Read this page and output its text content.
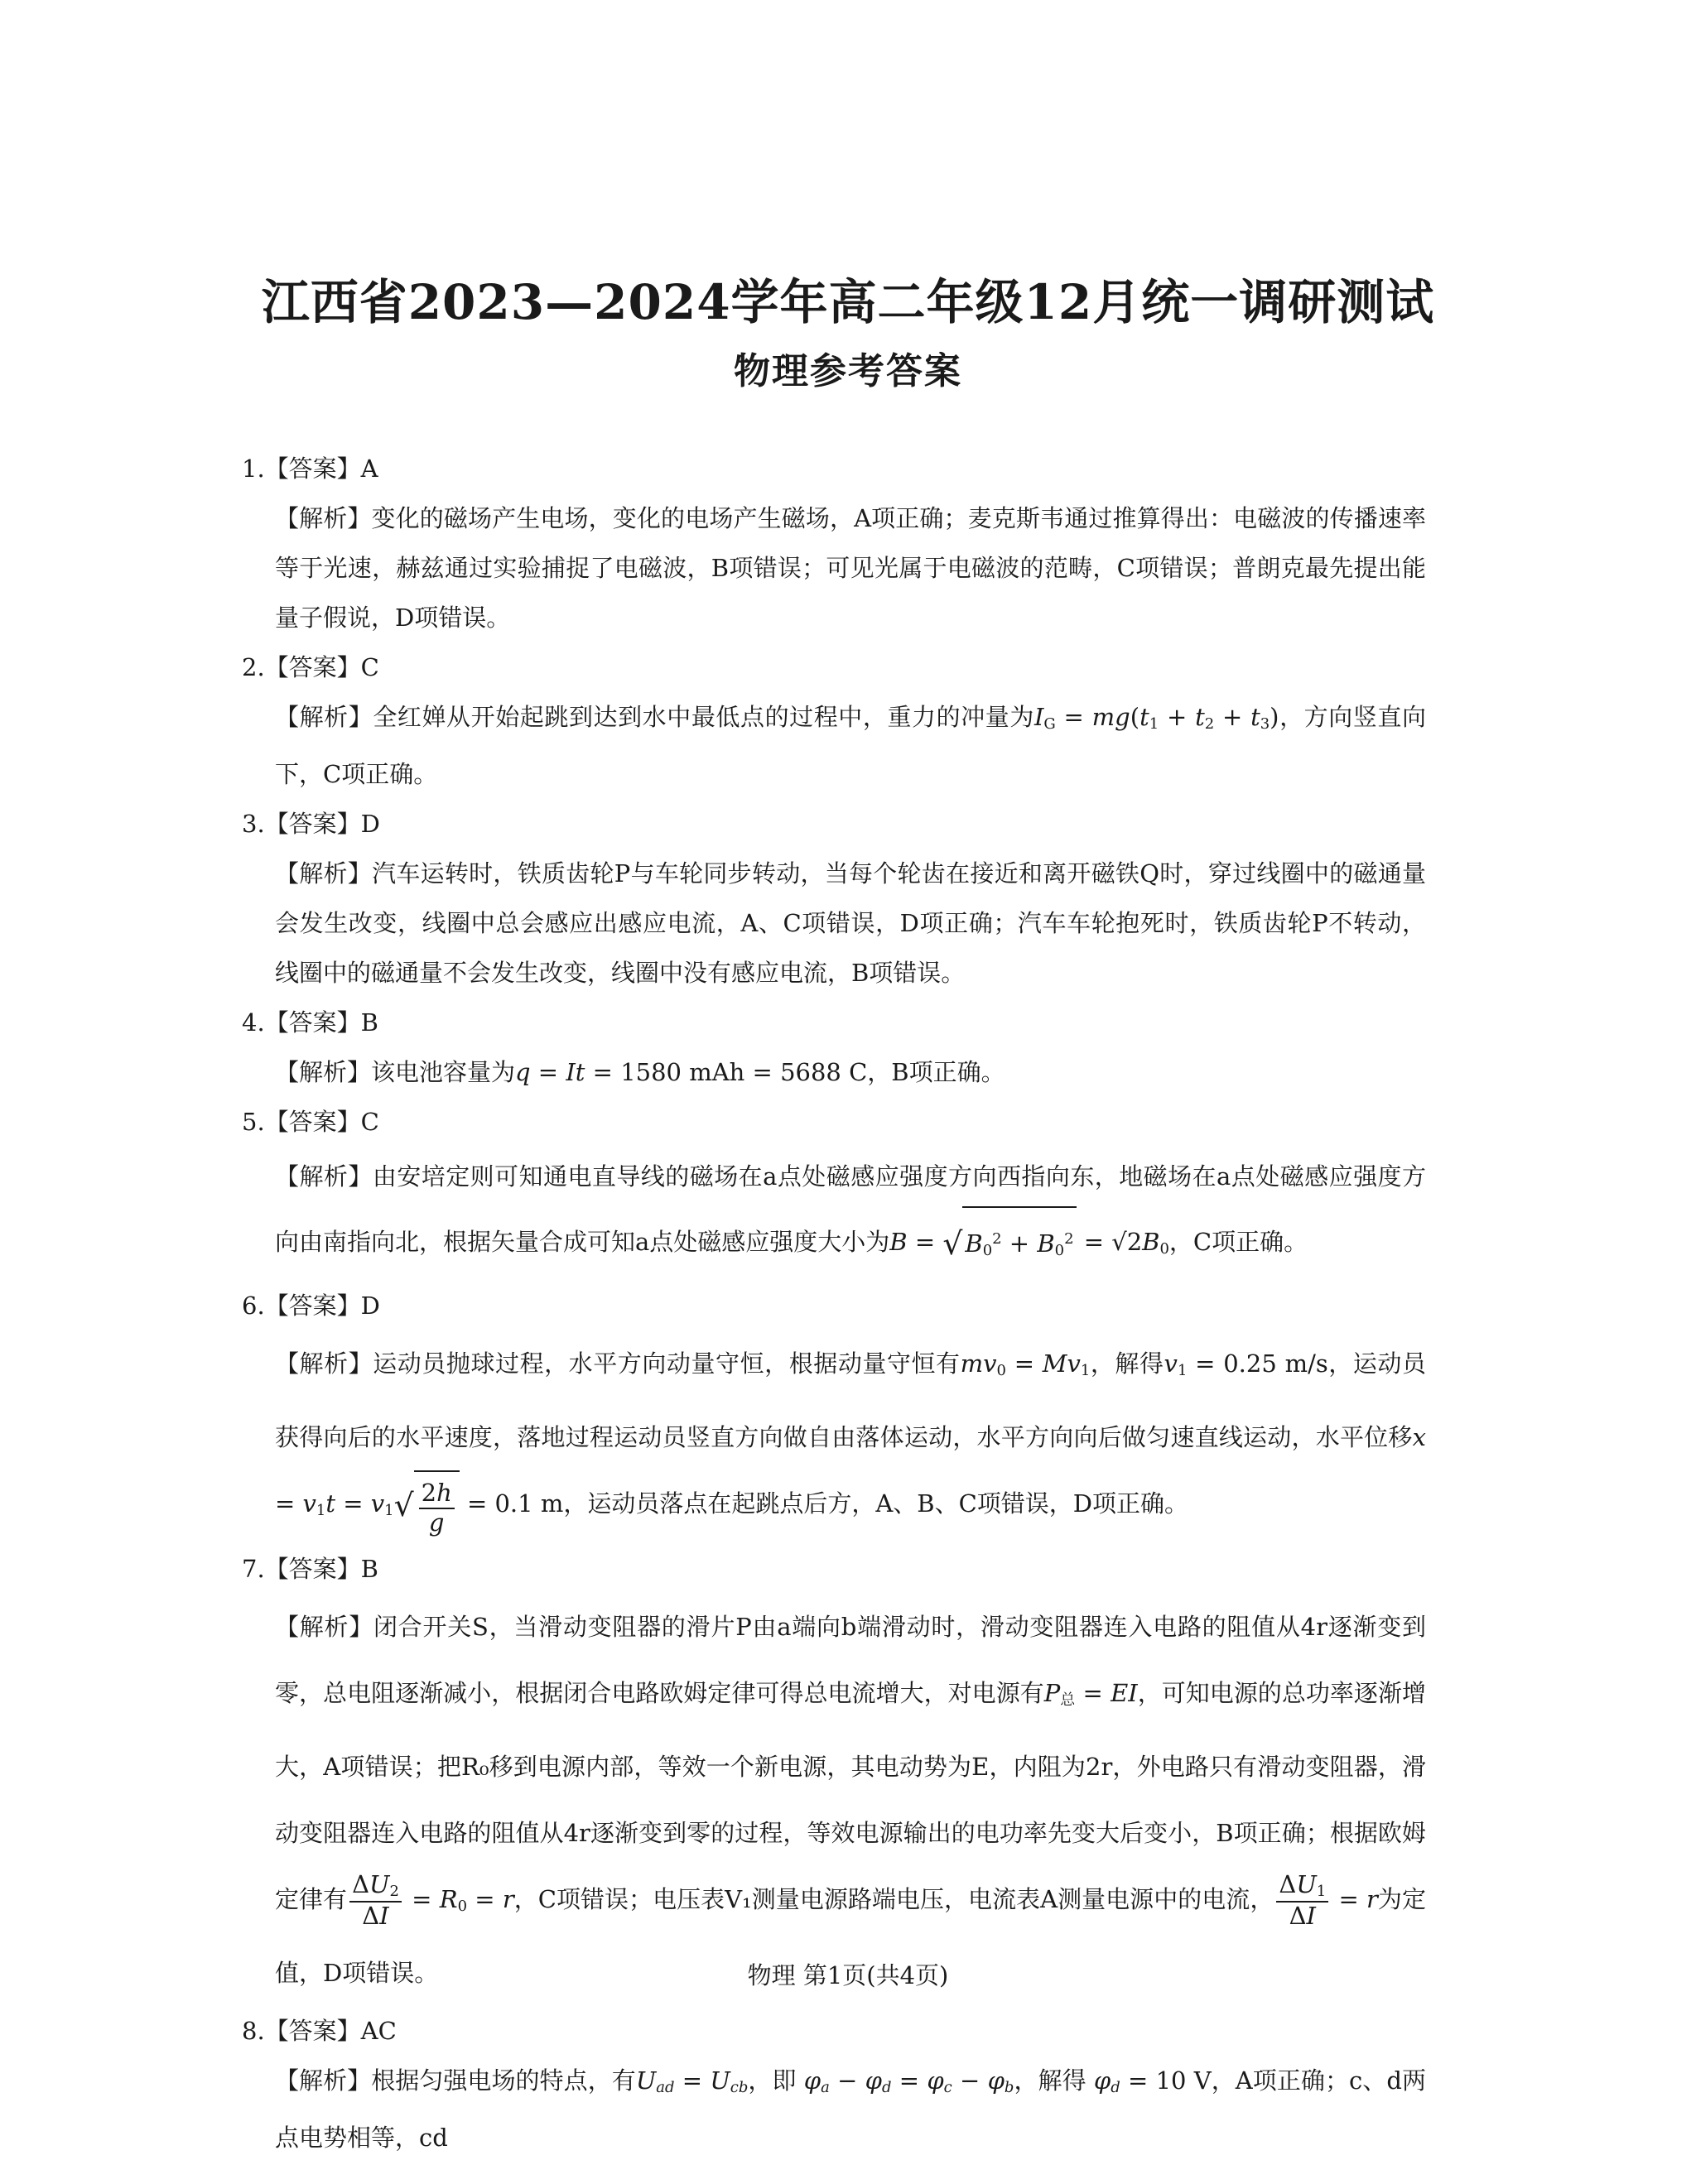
江西省2023—2024学年高二年级12月统一调研测试
物理参考答案
1.【答案】A
【解析】变化的磁场产生电场，变化的电场产生磁场，A项正确；麦克斯韦通过推算得出：电磁波的传播速率等于光速，赫兹通过实验捕捉了电磁波，B项错误；可见光属于电磁波的范畴，C项错误；普朗克最先提出能量子假说，D项错误。
2.【答案】C
【解析】全红婵从开始起跳到达到水中最低点的过程中，重力的冲量为$I_G = mg(t_1 + t_2 + t_3)$，方向竖直向下，C项正确。
3.【答案】D
【解析】汽车运转时，铁质齿轮P与车轮同步转动，当每个轮齿在接近和离开磁铁Q时，穿过线圈中的磁通量会发生改变，线圈中总会感应出感应电流，A、C项错误，D项正确；汽车车轮抱死时，铁质齿轮P不转动，线圈中的磁通量不会发生改变，线圈中没有感应电流，B项错误。
4.【答案】B
【解析】该电池容量为q = It = 1580 mAh = 5688 C，B项正确。
5.【答案】C
【解析】由安培定则可知通电直导线的磁场在a点处磁感应强度方向西指向东，地磁场在a点处磁感应强度方向由南指向北，根据矢量合成可知a点处磁感应强度大小为B = √ $B_0^2 + B_0^2 = √2B_0$，C项正确。
6.【答案】D
【解析】运动员抛球过程，水平方向动量守恒，根据动量守恒有$mv_0 = Mv_1$，解得$v_1 = 0.25$ m/s，运动员获得向后的水平速度，落地过程运动员竖直方向做自由落体运动，水平方向向后做匀速直线运动，水平位移$x = v_1t = v_1√ \frac{2h}{g} = 0.1$ m，运动员落点在起跳点后方，A、B、C项错误，D项正确。
7.【答案】B
【解析】闭合开关S，当滑动变阻器的滑片P由a端向b端滑动时，滑动变阻器连入电路的阻值从4r逐渐变到零，总电阻逐渐减小，根据闭合电路欧姆定律可得总电流增大，对电源有$P_总$ = EI，可知电源的总功率逐渐增大，A项错误；把R₀移到电源内部，等效一个新电源，其电动势为E，内阻为2r，外电路只有滑动变阻器，滑动变阻器连入电路的阻值从4r逐渐变到零的过程，等效电源输出的电功率先变大后变小，B项正确；根据欧姆定律有 $\frac{\Delta U_2}{\Delta I} = R_0 = r$，C项错误；电压表V₁测量电源路端电压，电流表A测量电源中的电流， $\frac{\Delta U_1}{\Delta I} = r$为定值，D项错误。
8.【答案】AC
【解析】根据匀强电场的特点，有$U_{ad} = U_{cb}$，即 $\varphi_a - \varphi_d = \varphi_c - \varphi_b$，解得 $\varphi_d = 10$ V，A项正确；c、d两点电势相等，cd
物理 第1页(共4页)
